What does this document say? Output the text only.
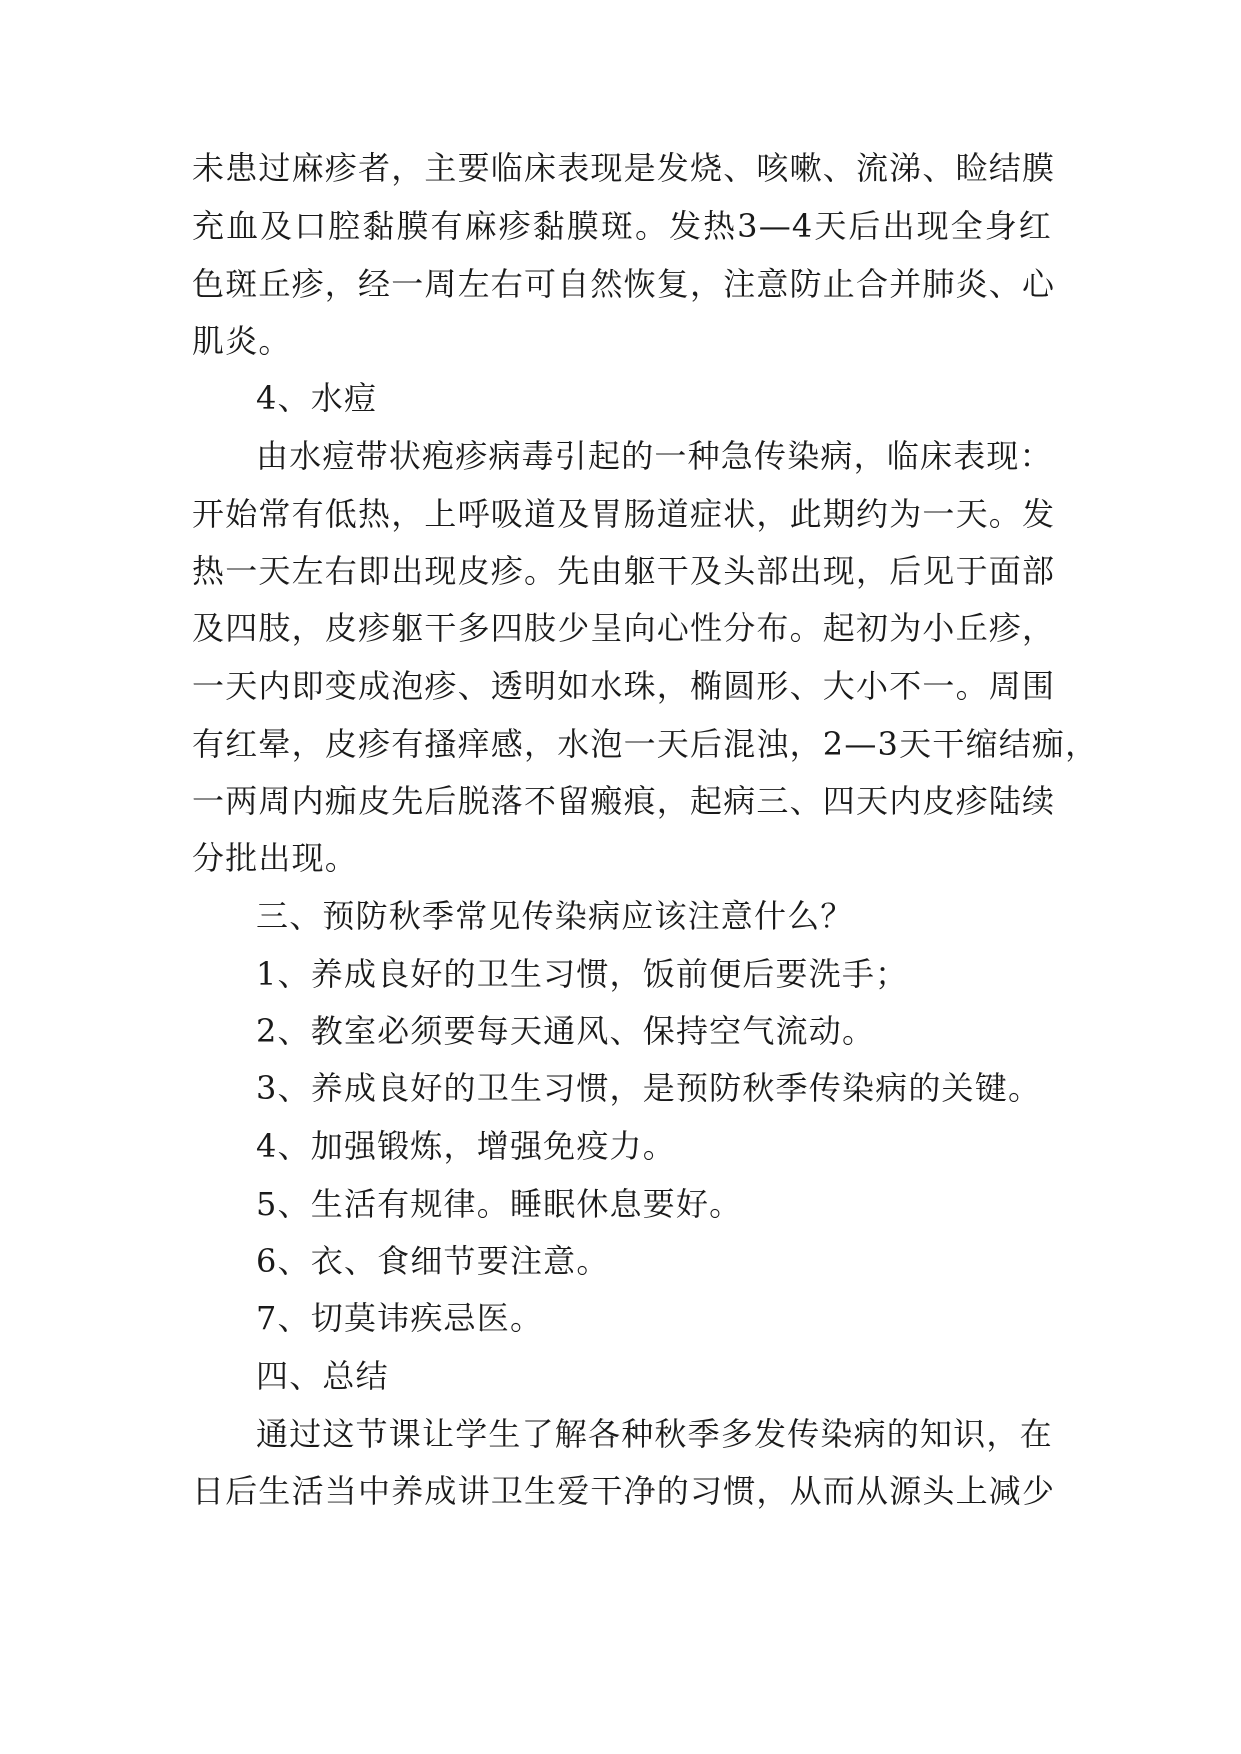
未患过麻疹者，主要临床表现是发烧、咳嗽、流涕、睑结膜
充血及口腔黏膜有麻疹黏膜斑。发热3—4天后出现全身红
色斑丘疹，经一周左右可自然恢复，注意防止合并肺炎、心
肌炎。
4、水痘
由水痘带状疱疹病毒引起的一种急传染病，临床表现：
开始常有低热，上呼吸道及胃肠道症状，此期约为一天。发
热一天左右即出现皮疹。先由躯干及头部出现，后见于面部
及四肢，皮疹躯干多四肢少呈向心性分布。起初为小丘疹，
一天内即变成泡疹、透明如水珠，椭圆形、大小不一。周围
有红晕，皮疹有搔痒感，水泡一天后混浊，2—3天干缩结痂，
一两周内痂皮先后脱落不留瘢痕，起病三、四天内皮疹陆续
分批出现。
三、预防秋季常见传染病应该注意什么？
1、养成良好的卫生习惯，饭前便后要洗手；
2、教室必须要每天通风、保持空气流动。
3、养成良好的卫生习惯，是预防秋季传染病的关键。
4、加强锻炼，增强免疫力。
5、生活有规律。睡眠休息要好。
6、衣、食细节要注意。
7、切莫讳疾忌医。
四、总结
通过这节课让学生了解各种秋季多发传染病的知识，在
日后生活当中养成讲卫生爱干净的习惯，从而从源头上减少
